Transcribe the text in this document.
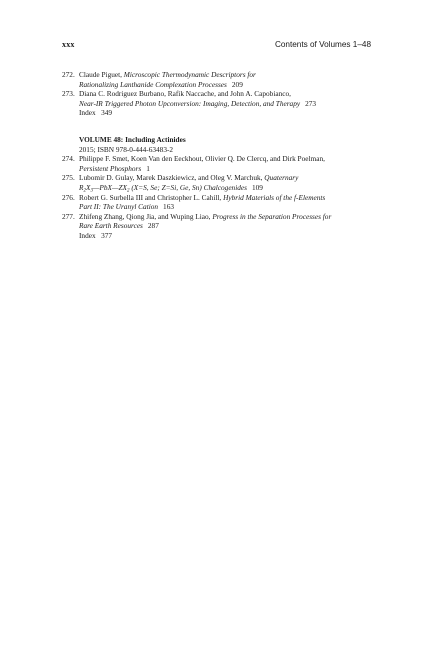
xxx	Contents of Volumes 1–48
272. Claude Piguet, Microscopic Thermodynamic Descriptors for
Rationalizing Lanthanide Complexation Processes 209
273. Diana C. Rodriguez Burbano, Rafik Naccache, and John A. Capobianco,
Near-IR Triggered Photon Upconversion: Imaging, Detection, and Therapy 273
Index   349
VOLUME 48: Including Actinides
2015; ISBN 978-0-444-63483-2
274. Philippe F. Smet, Koen Van den Eeckhout, Olivier Q. De Clercq, and Dirk Poelman,
Persistent Phosphors 1
275. Lubomir D. Gulay, Marek Daszkiewicz, and Oleg V. Marchuk, Quaternary
$R_2X_3—PbX—ZX_2$ (X=S, Se; Z=Si, Ge, Sn) Chalcogenides 109
276. Robert G. Surbella III and Christopher L. Cahill, Hybrid Materials of the f-Elements
Part II: The Uranyl Cation 163
277. Zhifeng Zhang, Qiong Jia, and Wuping Liao, Progress in the Separation Processes for
Rare Earth Resources 287
Index   377
